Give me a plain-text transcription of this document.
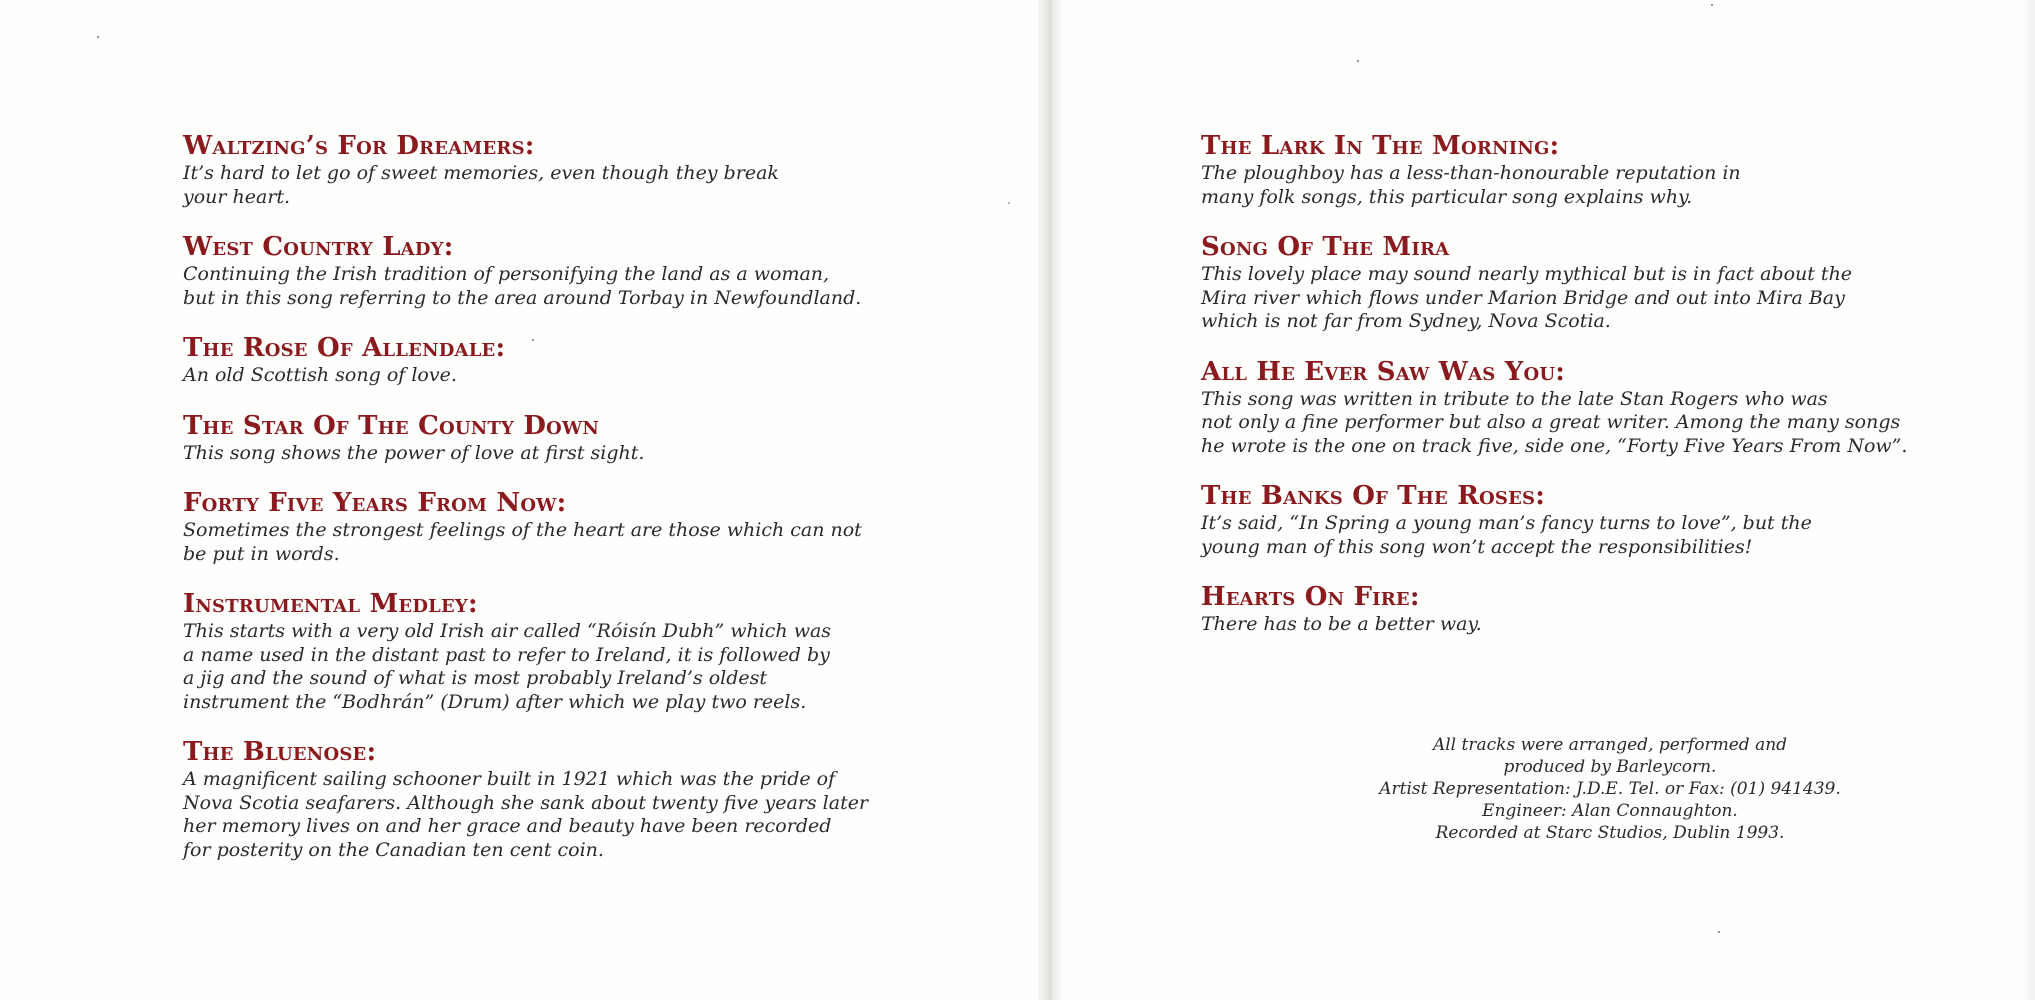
Waltzing’s For Dreamers:

It’s hard to let go of sweet memories, even though they break
your heart.

West Country Lady:

Continuing the Irish tradition of personifying the land as a woman,
but in this song referring to the area around Torbay in Newfoundland.

The Rose Of Allendale:

An old Scottish song of love.

The Star Of The County Down

This song shows the power of love at first sight.

Forty Five Years From Now:

Sometimes the strongest feelings of the heart are those which can not
be put in words.

Instrumental Medley:

This starts with a very old Irish air called “Róisín Dubh” which was
a name used in the distant past to refer to Ireland, it is followed by
a jig and the sound of what is most probably Ireland’s oldest
instrument the “Bodhrán” (Drum) after which we play two reels.

The Bluenose:

A magnificent sailing schooner built in 1921 which was the pride of
Nova Scotia seafarers. Although she sank about twenty five years later
her memory lives on and her grace and beauty have been recorded
for posterity on the Canadian ten cent coin.

The Lark In The Morning:

The ploughboy has a less-than-honourable reputation in
many folk songs, this particular song explains why.

Song Of The Mira

This lovely place may sound nearly mythical but is in fact about the
Mira river which flows under Marion Bridge and out into Mira Bay
which is not far from Sydney, Nova Scotia.

All He Ever Saw Was You:

This song was written in tribute to the late Stan Rogers who was
not only a fine performer but also a great writer. Among the many songs
he wrote is the one on track five, side one, “Forty Five Years From Now”.

The Banks Of The Roses:

It’s said, “In Spring a young man’s fancy turns to love”, but the
young man of this song won’t accept the responsibilities!

Hearts On Fire:

There has to be a better way.

All tracks were arranged, performed and
produced by Barleycorn.
Artist Representation: J.D.E. Tel. or Fax: (01) 941439.
Engineer: Alan Connaughton.
Recorded at Starc Studios, Dublin 1993.
